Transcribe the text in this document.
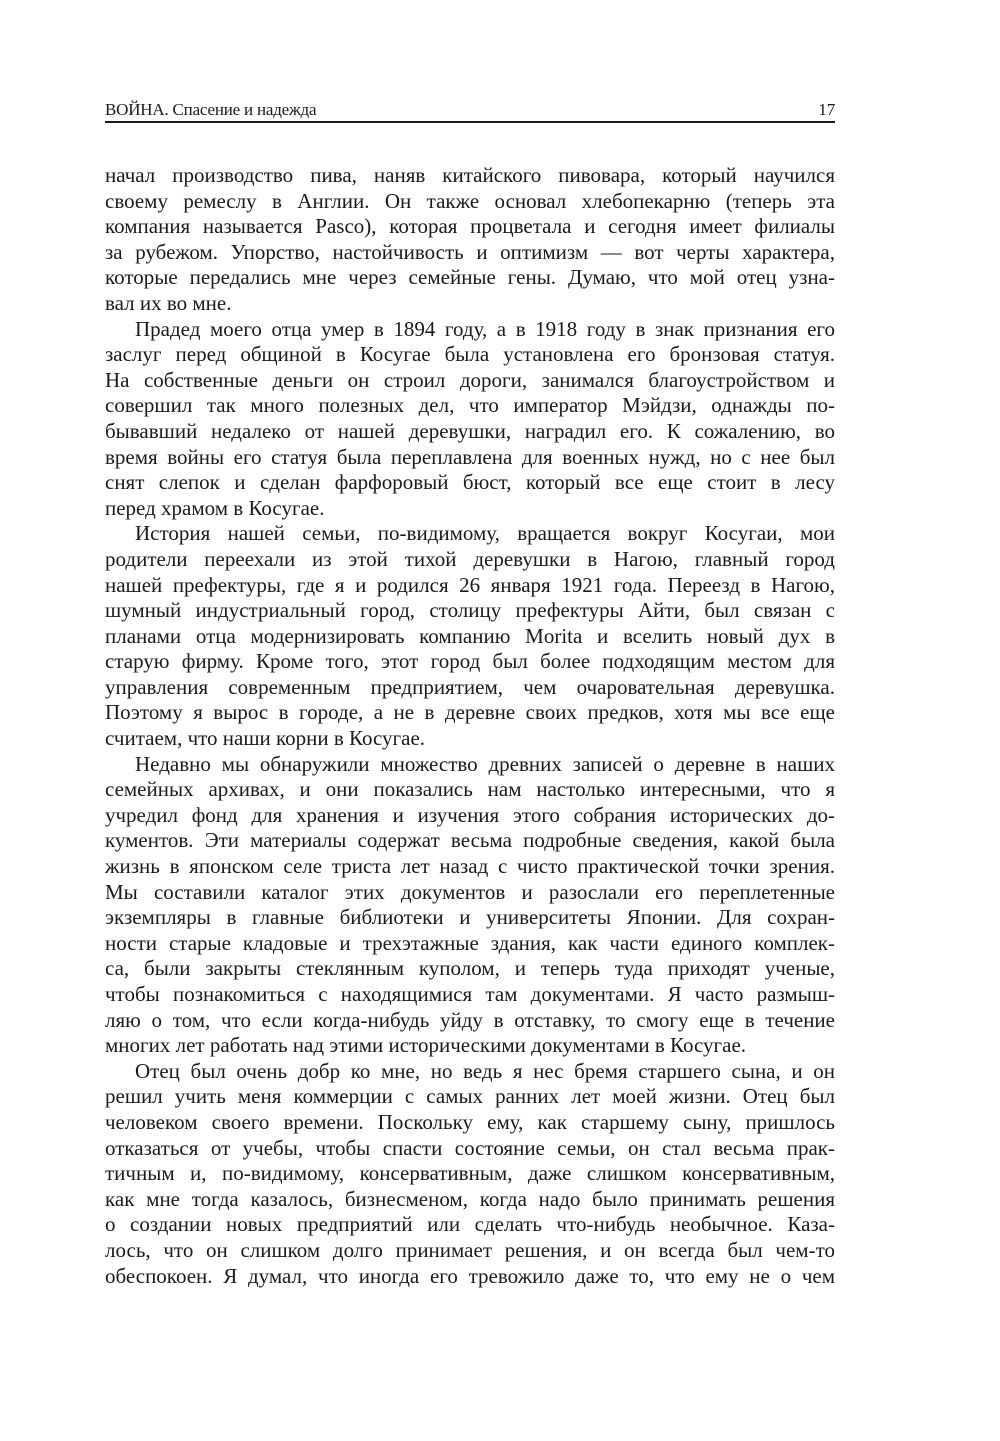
ВОЙНА. Спасение и надежда	17
начал производство пива, наняв китайского пивовара, который научился
своему ремеслу в Англии. Он также основал хлебопекарню (теперь эта
компания называется Pasco), которая процветала и сегодня имеет филиалы
за рубежом. Упорство, настойчивость и оптимизм — вот черты характера,
которые передались мне через семейные гены. Думаю, что мой отец узна-
вал их во мне.
Прадед моего отца умер в 1894 году, а в 1918 году в знак признания его
заслуг перед общиной в Косугае была установлена его бронзовая статуя.
На собственные деньги он строил дороги, занимался благоустройством и
совершил так много полезных дел, что император Мэйдзи, однажды по-
бывавший недалеко от нашей деревушки, наградил его. К сожалению, во
время войны его статуя была переплавлена для военных нужд, но с нее был
снят слепок и сделан фарфоровый бюст, который все еще стоит в лесу
перед храмом в Косугае.
История нашей семьи, по-видимому, вращается вокруг Косугаи, мои
родители переехали из этой тихой деревушки в Нагою, главный город
нашей префектуры, где я и родился 26 января 1921 года. Переезд в Нагою,
шумный индустриальный город, столицу префектуры Айти, был связан с
планами отца модернизировать компанию Morita и вселить новый дух в
старую фирму. Кроме того, этот город был более подходящим местом для
управления современным предприятием, чем очаровательная деревушка.
Поэтому я вырос в городе, а не в деревне своих предков, хотя мы все еще
считаем, что наши корни в Косугае.
Недавно мы обнаружили множество древних записей о деревне в наших
семейных архивах, и они показались нам настолько интересными, что я
учредил фонд для хранения и изучения этого собрания исторических до-
кументов. Эти материалы содержат весьма подробные сведения, какой была
жизнь в японском селе триста лет назад с чисто практической точки зрения.
Мы составили каталог этих документов и разослали его переплетенные
экземпляры в главные библиотеки и университеты Японии. Для сохран-
ности старые кладовые и трехэтажные здания, как части единого комплек-
са, были закрыты стеклянным куполом, и теперь туда приходят ученые,
чтобы познакомиться с находящимися там документами. Я часто размыш-
ляю о том, что если когда-нибудь уйду в отставку, то смогу еще в течение
многих лет работать над этими историческими документами в Косугае.
Отец был очень добр ко мне, но ведь я нес бремя старшего сына, и он
решил учить меня коммерции с самых ранних лет моей жизни. Отец был
человеком своего времени. Поскольку ему, как старшему сыну, пришлось
отказаться от учебы, чтобы спасти состояние семьи, он стал весьма прак-
тичным и, по-видимому, консервативным, даже слишком консервативным,
как мне тогда казалось, бизнесменом, когда надо было принимать решения
о создании новых предприятий или сделать что-нибудь необычное. Каза-
лось, что он слишком долго принимает решения, и он всегда был чем-то
обеспокоен. Я думал, что иногда его тревожило даже то, что ему не о чем
